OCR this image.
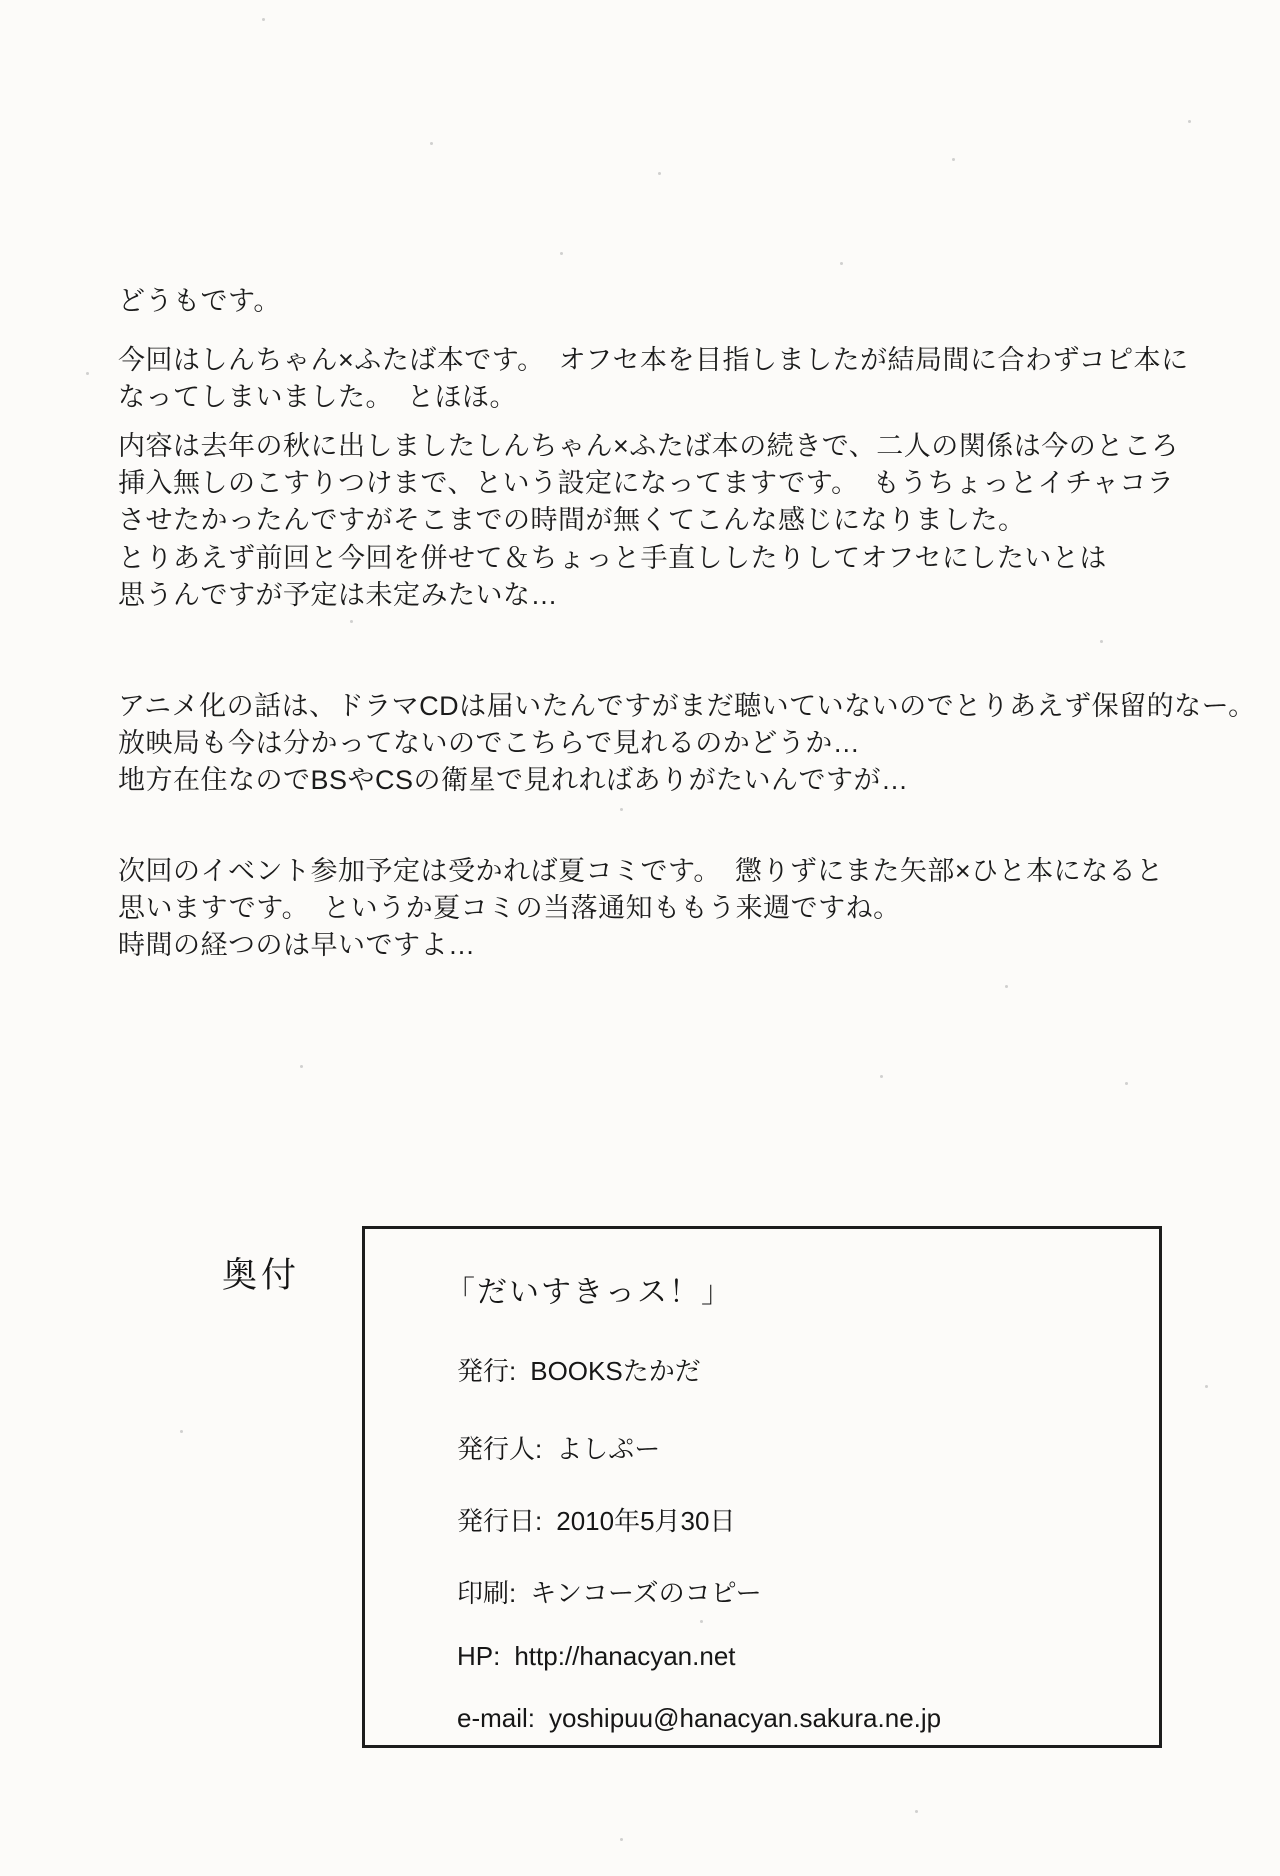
どうもです。
今回はしんちゃん×ふたば本です。　オフセ本を目指しましたが結局間に合わずコピ本に
なってしまいました。　とほほ。
内容は去年の秋に出しましたしんちゃん×ふたば本の続きで、二人の関係は今のところ
挿入無しのこすりつけまで、という設定になってますです。　もうちょっとイチャコラ
させたかったんですがそこまでの時間が無くてこんな感じになりました。
とりあえず前回と今回を併せて＆ちょっと手直ししたりしてオフセにしたいとは
思うんですが予定は未定みたいな…
アニメ化の話は、ドラマCDは届いたんですがまだ聴いていないのでとりあえず保留的なー。
放映局も今は分かってないのでこちらで見れるのかどうか…
地方在住なのでBSやCSの衛星で見れればありがたいんですが…
次回のイベント参加予定は受かれば夏コミです。　懲りずにまた矢部×ひと本になると
思いますです。　というか夏コミの当落通知ももう来週ですね。
時間の経つのは早いですよ…
奥付	「だいすきっス！」
発行: BOOKSたかだ
発行人: よしぷー
発行日: 2010年5月30日
印刷: キンコーズのコピー
HP: http://hanacyan.net
e-mail: yoshipuu@hanacyan.sakura.ne.jp
